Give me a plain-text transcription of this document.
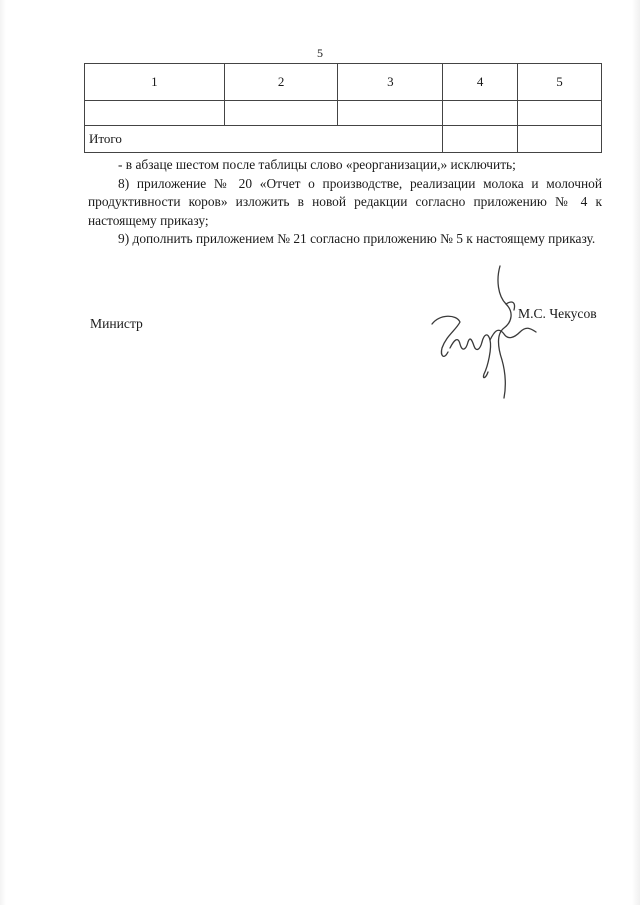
5
1	2	3	4	5

Итого				

- в абзаце шестом после таблицы слово «реорганизации,» исключить;

8) приложение № 20 «Отчет о производстве, реализации молока и молочной продуктивности коров» изложить в новой редакции согласно приложению № 4 к настоящему приказу;

9) дополнить приложением № 21 согласно приложению № 5 к настоящему приказу.

Министр
М.С. Чекусов
